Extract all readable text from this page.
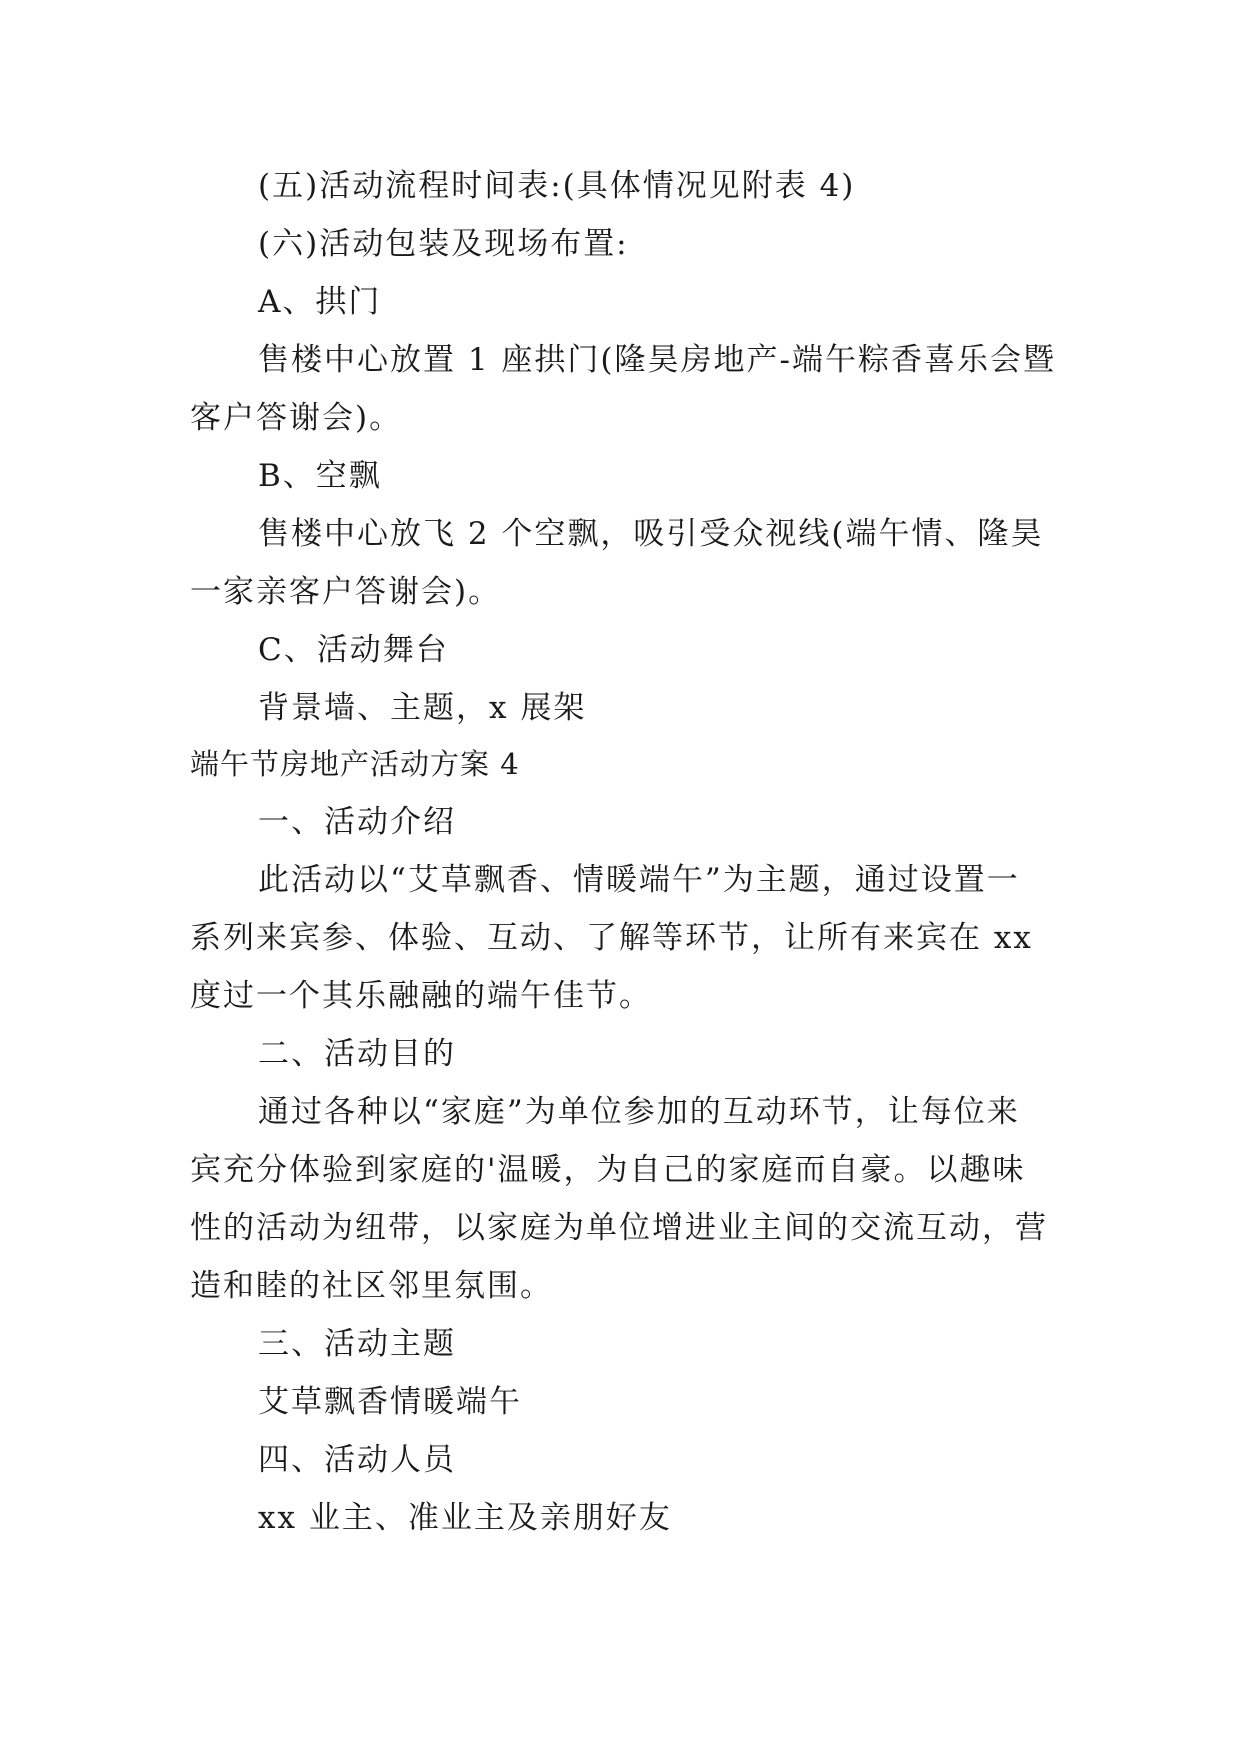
(五)活动流程时间表:(具体情况见附表 4)
(六)活动包装及现场布置:
A、拱门
售楼中心放置 1 座拱门(隆昊房地产-端午粽香喜乐会暨
客户答谢会)。
B、空飘
售楼中心放飞 2 个空飘，吸引受众视线(端午情、隆昊
一家亲客户答谢会)。
C、活动舞台
背景墙、主题，x 展架
端午节房地产活动方案 4
一、活动介绍
此活动以“艾草飘香、情暖端午”为主题，通过设置一
系列来宾参、体验、互动、了解等环节，让所有来宾在 xx
度过一个其乐融融的端午佳节。
二、活动目的
通过各种以“家庭”为单位参加的互动环节，让每位来
宾充分体验到家庭的'温暖，为自己的家庭而自豪。以趣味
性的活动为纽带，以家庭为单位增进业主间的交流互动，营
造和睦的社区邻里氛围。
三、活动主题
艾草飘香情暖端午
四、活动人员
xx 业主、准业主及亲朋好友
